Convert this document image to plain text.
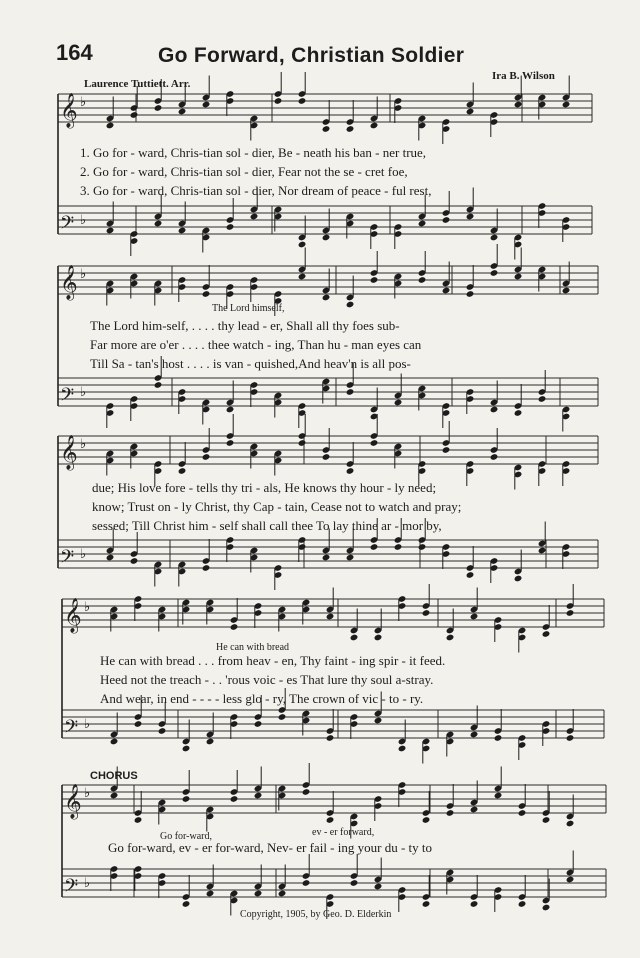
164	Go Forward, Christian Soldier
Laurence Tuttiett. Arr.
Ira B. Wilson
𝄞 ♭
𝄢 ♭
𝄞 ♭
𝄢 ♭
𝄞 ♭
𝄢 ♭
𝄞 ♭
𝄢 ♭
𝄞 ♭
𝄢 ♭
1. Go for - ward, Chris-tian sol - dier, Be - neath his ban - ner true,
2. Go for - ward, Chris-tian sol - dier, Fear not the se - cret foe,
3. Go for - ward, Chris-tian sol - dier, Nor dream of peace - ful rest,
The Lord himself,
The Lord him-self, . . . . thy lead - er, Shall all thy foes sub-
Far more are o'er . . . . thee watch - ing, Than hu - man eyes can
Till Sa - tan's host . . . . is van - quished,And heav'n is all pos-
due; His love fore - tells thy tri - als, He knows thy hour - ly need;
know; Trust on - ly Christ, thy Cap - tain, Cease not to watch and pray;
sessed; Till Christ him - self shall call thee To lay thine ar - mor by,
He can with bread
He can with bread . . . from heav - en, Thy faint - ing spir - it feed.
Heed not the treach - . . 'rous voic - es That lure thy soul a-stray.
And wear, in end - - - - less glo - ry, The crown of vic - to - ry.
CHORUS
Go for-ward,	ev - er forward,
Go for-ward, ev - er for-ward, Nev- er fail - ing your du - ty to
Copyright, 1905, by Geo. D. Elderkin
